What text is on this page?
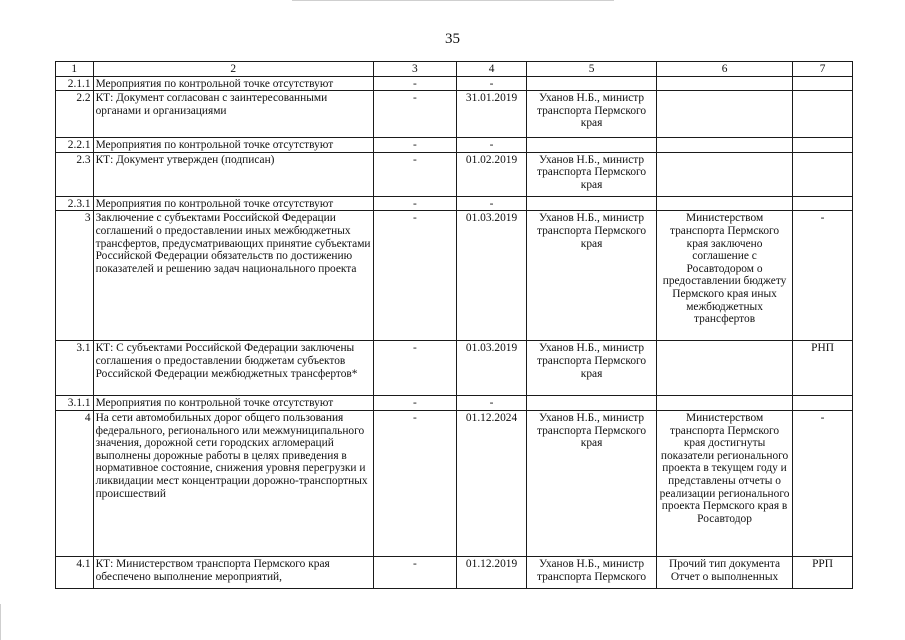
35
1	2	3	4	5	6	7
2.1.1	Мероприятия по контрольной точке отсутствуют	-	-			
2.2	КТ: Документ согласован с заинтересованными органами и организациями	-	31.01.2019	Уханов Н.Б., министр транспорта Пермского края		
2.2.1	Мероприятия по контрольной точке отсутствуют	-	-			
2.3	КТ: Документ утвержден (подписан)	-	01.02.2019	Уханов Н.Б., министр транспорта Пермского края		
2.3.1	Мероприятия по контрольной точке отсутствуют	-	-			
3	Заключение с субъектами Российской Федерации соглашений о предоставлении иных межбюджетных трансфертов, предусматривающих принятие субъектами Российской Федерации обязательств по достижению показателей и решению задач национального проекта	-	01.03.2019	Уханов Н.Б., министр транспорта Пермского края	Министерством транспорта Пермского края заключено соглашение с Росавтодором о предоставлении бюджету Пермского края иных межбюджетных трансфертов	-
3.1	КТ: С субъектами Российской Федерации заключены соглашения о предоставлении бюджетам субъектов Российской Федерации межбюджетных трансфертов*	-	01.03.2019	Уханов Н.Б., министр транспорта Пермского края		РНП
3.1.1	Мероприятия по контрольной точке отсутствуют	-	-			
4	На сети автомобильных дорог общего пользования федерального, регионального или межмуниципального значения, дорожной сети городских агломераций выполнены дорожные работы в целях приведения в нормативное состояние, снижения уровня перегрузки и ликвидации мест концентрации дорожно-транспортных происшествий	-	01.12.2024	Уханов Н.Б., министр транспорта Пермского края	Министерством транспорта Пермского края достигнуты показатели регионального проекта в текущем году и представлены отчеты о реализации регионального проекта Пермского края в Росавтодор	-
4.1	КТ: Министерством транспорта Пермского края обеспечено выполнение мероприятий,	-	01.12.2019	Уханов Н.Б., министр транспорта Пермского	Прочий тип документа Отчет о выполненных	РРП
